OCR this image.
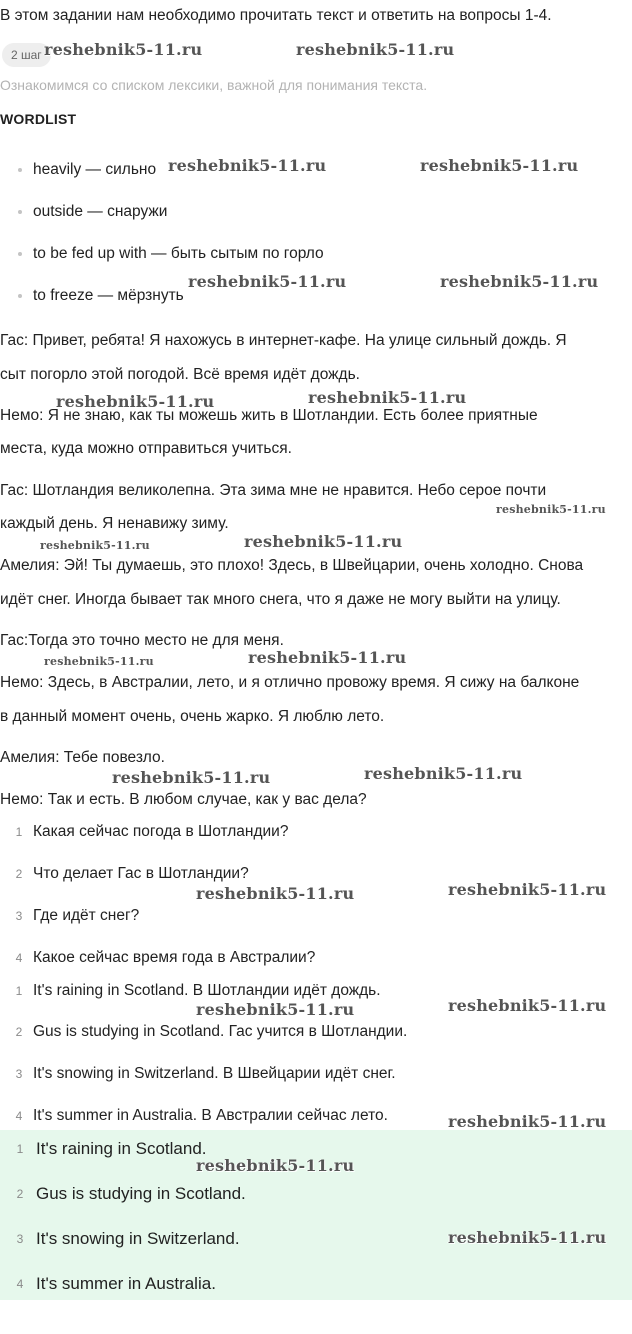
В этом задании нам необходимо прочитать текст и ответить на вопросы 1-4.
2 шаг
Ознакомимся со списком лексики, важной для понимания текста.
WORDLIST
heavily — сильно
outside — снаружи
to be fed up with — быть сытым по горло
to freeze — мёрзнуть
Гас: Привет, ребята! Я нахожусь в интернет-кафе. На улице сильный дождь. Я
сыт погорло этой погодой. Всё время идёт дождь.
Немо: Я не знаю, как ты можешь жить в Шотландии. Есть более приятные
места, куда можно отправиться учиться.
Гас: Шотландия великолепна. Эта зима мне не нравится. Небо серое почти
каждый день. Я ненавижу зиму.
Амелия: Эй! Ты думаешь, это плохо! Здесь, в Швейцарии, очень холодно. Снова
идёт снег. Иногда бывает так много снега, что я даже не могу выйти на улицу.
Гас:Тогда это точно место не для меня.
Немо: Здесь, в Австралии, лето, и я отлично провожу время. Я сижу на балконе
в данный момент очень, очень жарко. Я люблю лето.
Амелия: Тебе повезло.
Немо: Так и есть. В любом случае, как у вас дела?
1 Какая сейчас погода в Шотландии?
2 Что делает Гас в Шотландии?
3 Где идёт снег?
4 Какое сейчас время года в Австралии?
1 It's raining in Scotland. В Шотландии идёт дождь.
2 Gus is studying in Scotland. Гас учится в Шотландии.
3 It's snowing in Switzerland. В Швейцарии идёт снег.
4 It's summer in Australia. В Австралии сейчас лето.
1 It's raining in Scotland.
2 Gus is studying in Scotland.
3 It's snowing in Switzerland.
4 It's summer in Australia.
reshebnik5-11.ru	reshebnik5-11.ru
reshebnik5-11.ru	reshebnik5-11.ru
reshebnik5-11.ru	reshebnik5-11.ru
reshebnik5-11.ru	reshebnik5-11.ru
reshebnik5-11.ru
reshebnik5-11.ru	reshebnik5-11.ru
reshebnik5-11.ru	reshebnik5-11.ru
reshebnik5-11.ru	reshebnik5-11.ru
reshebnik5-11.ru	reshebnik5-11.ru
reshebnik5-11.ru	reshebnik5-11.ru
reshebnik5-11.ru
reshebnik5-11.ru
reshebnik5-11.ru
